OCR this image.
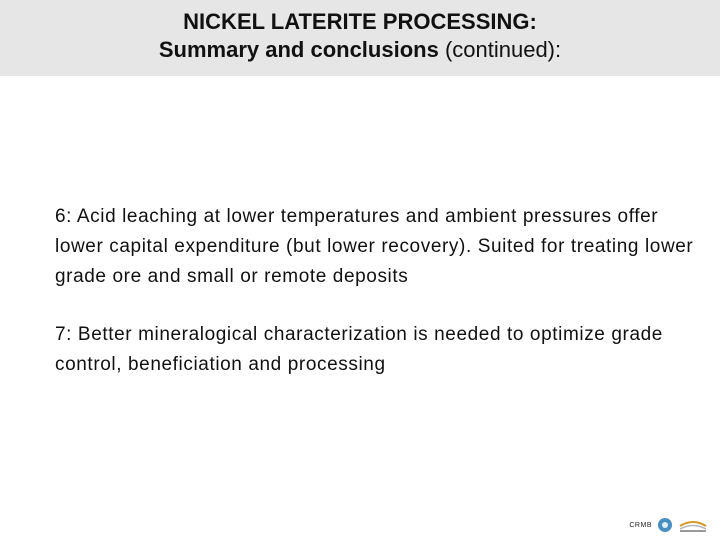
NICKEL LATERITE PROCESSING:
Summary and conclusions (continued):

6: Acid leaching at lower temperatures and ambient pressures offer lower capital expenditure (but lower recovery). Suited for treating lower grade ore and small or remote deposits

7: Better mineralogical characterization is needed to optimize grade control, beneficiation and processing

CRMB
